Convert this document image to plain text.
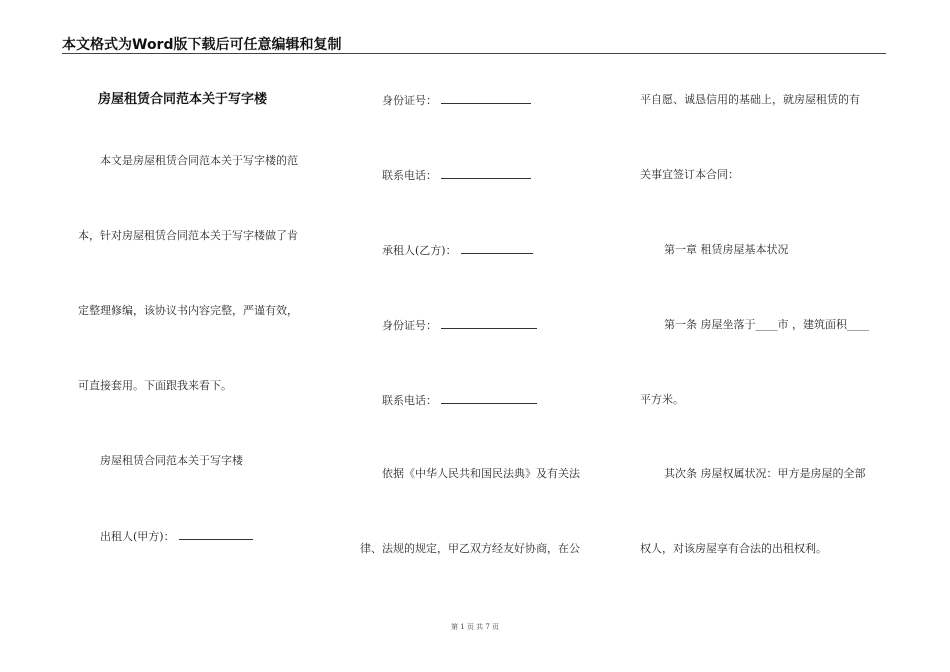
本文格式为Word版下载后可任意编辑和复制
房屋租赁合同范本关于写字楼
本文是房屋租赁合同范本关于写字楼的范
本，针对房屋租赁合同范本关于写字楼做了肯
定整理修编，该协议书内容完整，严谨有效，
可直接套用。下面跟我来看下。
房屋租赁合同范本关于写字楼
出租人(甲方)：
身份证号：
联系电话：
承租人(乙方)：
身份证号：
联系电话：
依据《中华人民共和国民法典》及有关法
律、法规的规定，甲乙双方经友好协商，在公
平自愿、诚恳信用的基础上，就房屋租赁的有
关事宜签订本合同：
第一章 租赁房屋基本状况
第一条 房屋坐落于____市 ，建筑面积____
平方米。
其次条 房屋权属状况：甲方是房屋的全部
权人，对该房屋享有合法的出租权利。
第 1 页 共 7 页
